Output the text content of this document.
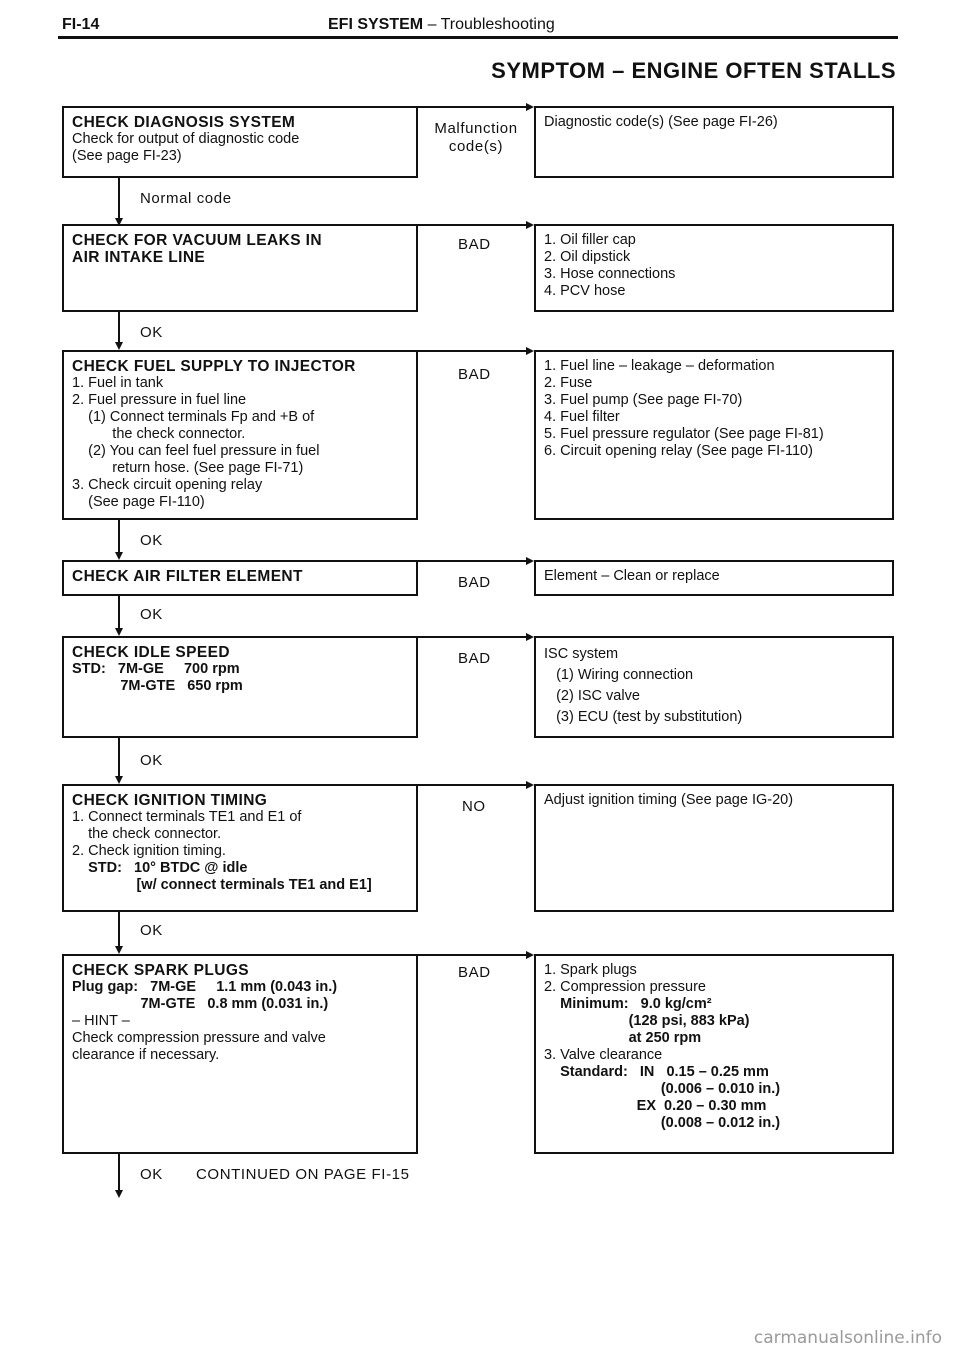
FI-14	EFI SYSTEM – Troubleshooting
SYMPTOM – ENGINE OFTEN STALLS
CHECK DIAGNOSIS SYSTEM
Check for output of diagnostic code
(See page FI-23)
Malfunction code(s)
Diagnostic code(s) (See page FI-26)
Normal code
CHECK FOR VACUUM LEAKS IN
AIR INTAKE LINE
BAD	1. Oil filler cap
2. Oil dipstick
3. Hose connections
4. PCV hose
OK
CHECK FUEL SUPPLY TO INJECTOR
1. Fuel in tank
2. Fuel pressure in fuel line
(1) Connect terminals Fp and +B of
the check connector.
(2) You can feel fuel pressure in fuel
return hose. (See page FI-71)
3. Check circuit opening relay
(See page FI-110)
BAD	1. Fuel line – leakage – deformation
2. Fuse
3. Fuel pump (See page FI-70)
4. Fuel filter
5. Fuel pressure regulator (See page FI-81)
6. Circuit opening relay (See page FI-110)
OK
CHECK AIR FILTER ELEMENT	BAD	Element – Clean or replace
OK
CHECK IDLE SPEED
STD:   7M-GE     700 rpm
7M-GTE   650 rpm
BAD	ISC system
(1) Wiring connection
(2) ISC valve
(3) ECU (test by substitution)
OK
CHECK IGNITION TIMING
1. Connect terminals TE1 and E1 of
the check connector.
2. Check ignition timing.
STD:   10° BTDC @ idle
[w/ connect terminals TE1 and E1]
NO	Adjust ignition timing (See page IG-20)
OK
CHECK SPARK PLUGS
Plug gap:   7M-GE     1.1 mm (0.043 in.)
7M-GTE   0.8 mm (0.031 in.)
– HINT –
Check compression pressure and valve
clearance if necessary.
BAD	1. Spark plugs
2. Compression pressure
Minimum:   9.0 kg/cm²
(128 psi, 883 kPa)
at 250 rpm
3. Valve clearance
Standard:   IN   0.15 – 0.25 mm
(0.006 – 0.010 in.)
EX  0.20 – 0.30 mm
(0.008 – 0.012 in.)
OK CONTINUED ON PAGE FI-15
carmanualsonline.info
